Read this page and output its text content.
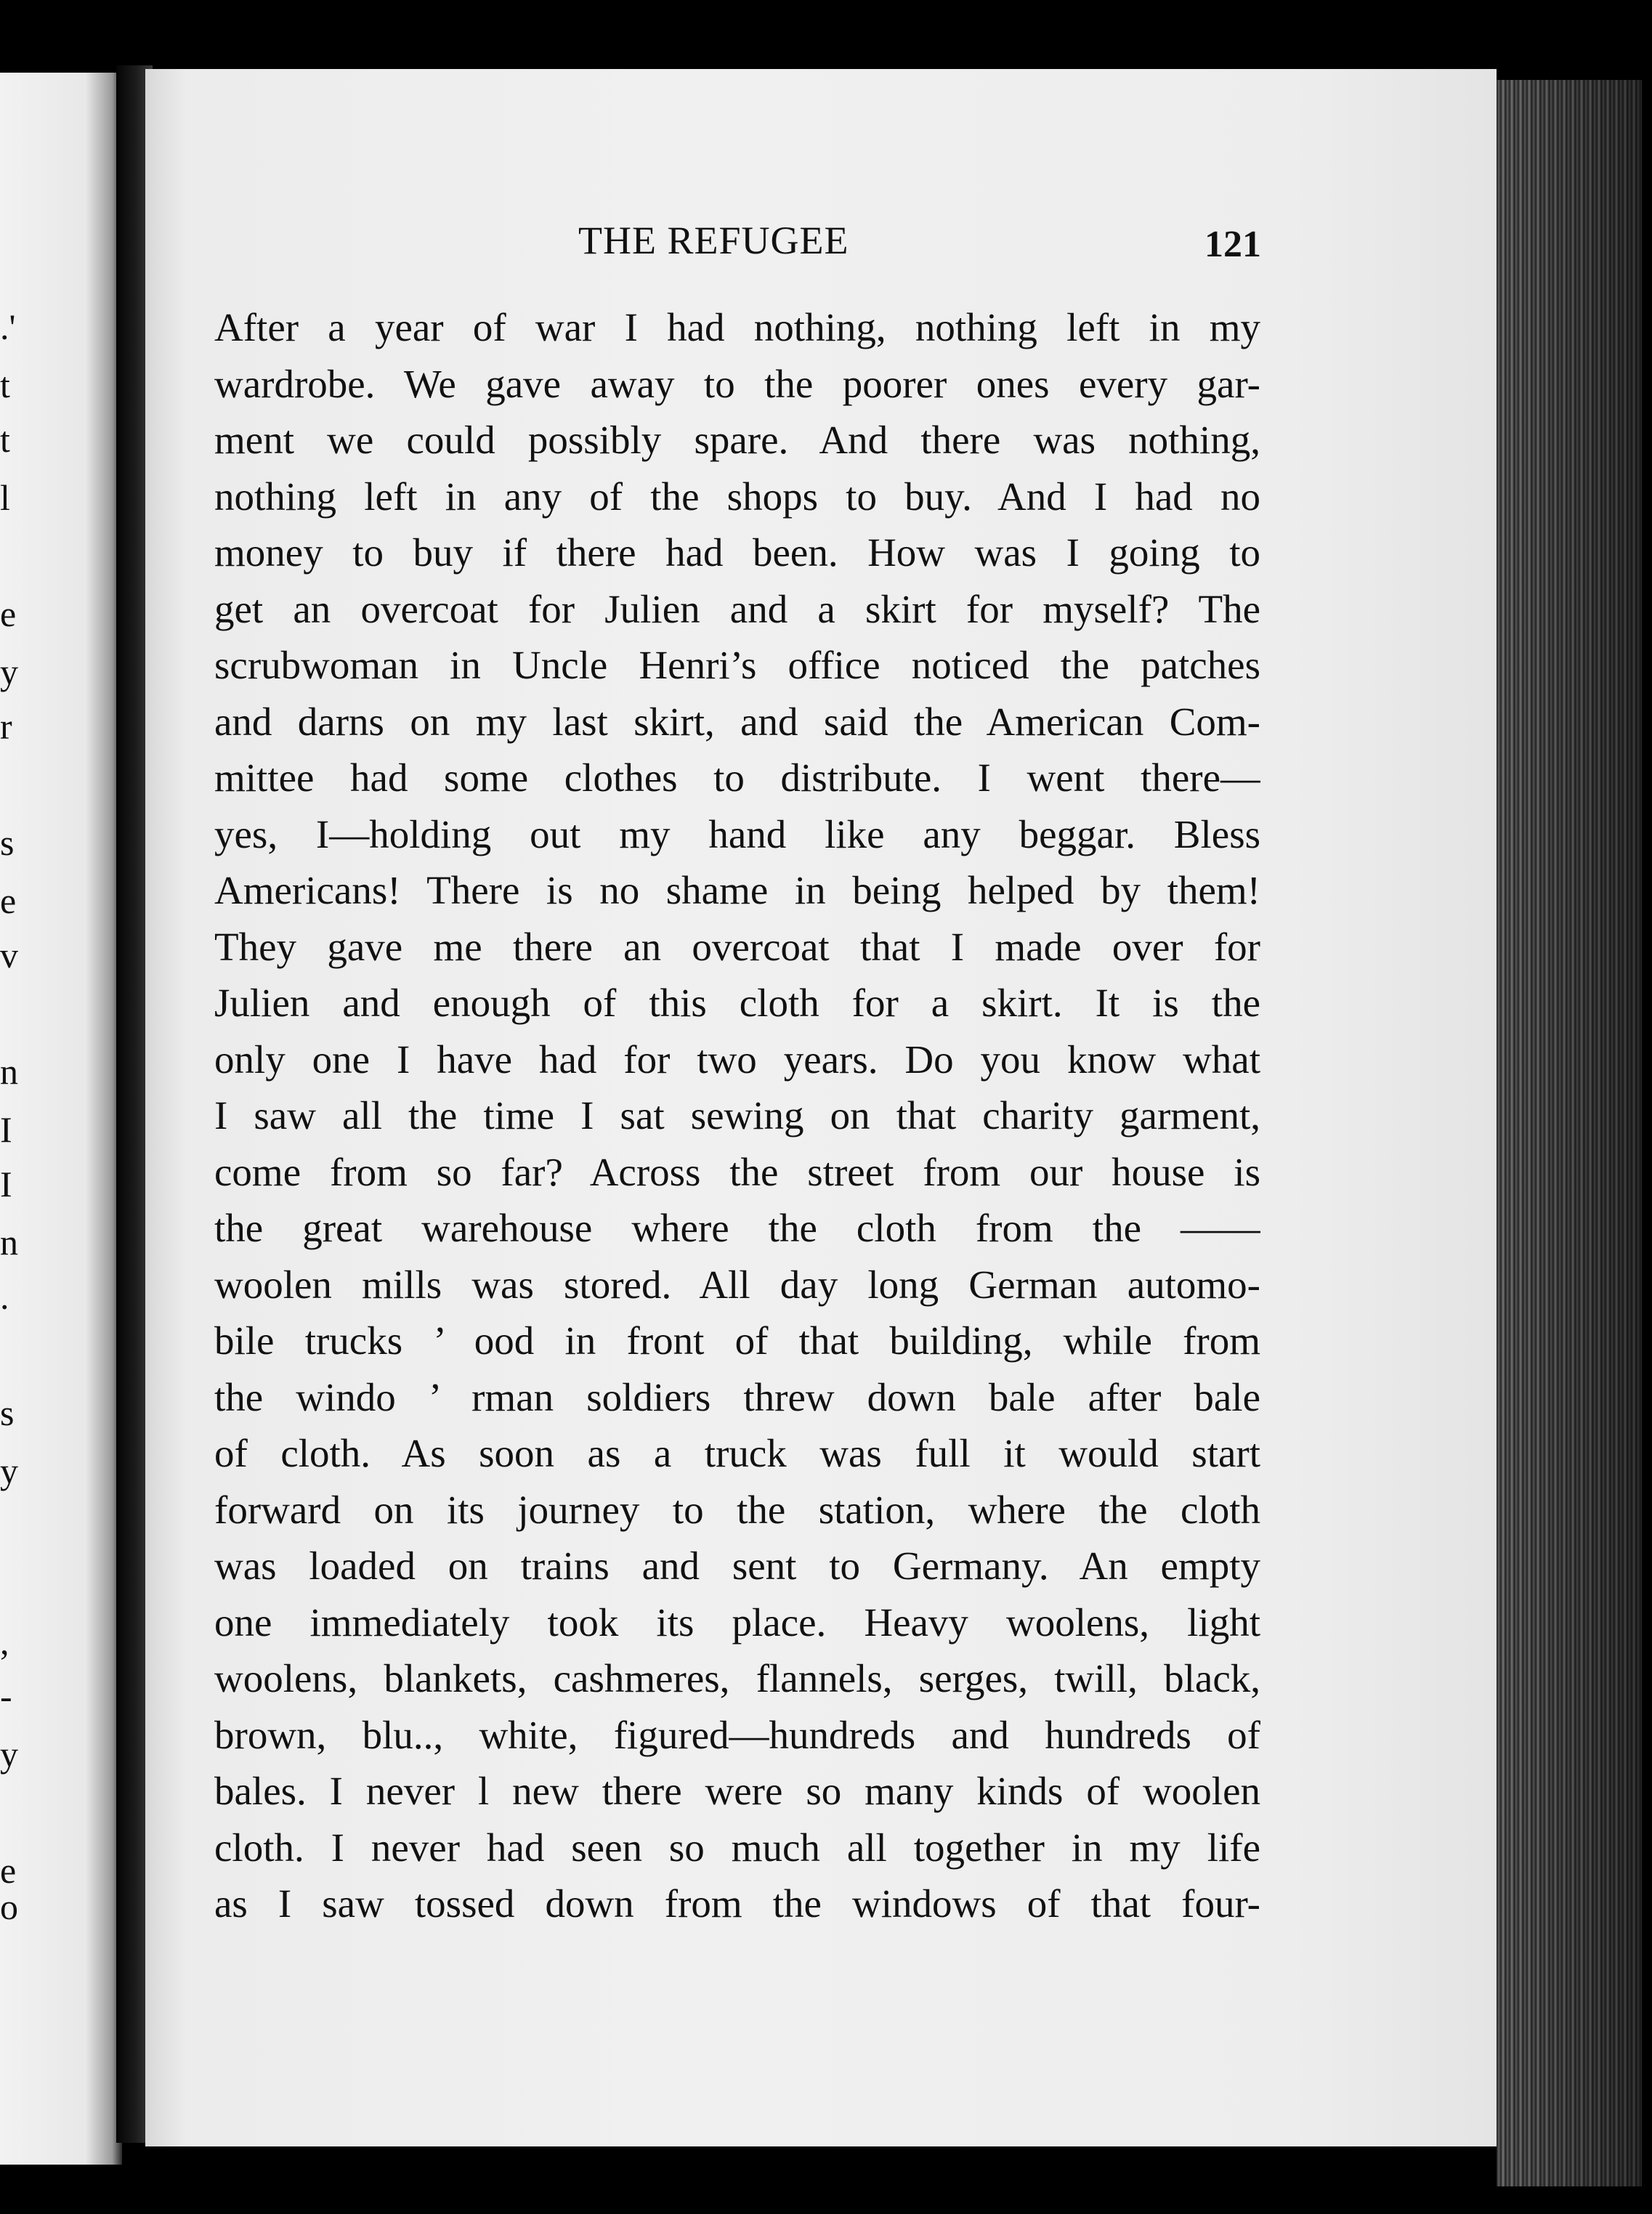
.'
t
t
l
e
y
r
s
e
v
n
I
I
n
.
s
y
,
-
y
e
o
THE REFUGEE	121
After a year of war I had nothing, nothing left in my
wardrobe. We gave away to the poorer ones every gar-
ment we could possibly spare. And there was nothing,
nothing left in any of the shops to buy. And I had no
money to buy if there had been. How was I going to
get an overcoat for Julien and a skirt for myself? The
scrubwoman in Uncle Henri’s office noticed the patches
and darns on my last skirt, and said the American Com-
mittee had some clothes to distribute. I went there—
yes, I—holding out my hand like any beggar. Bless
Americans! There is no shame in being helped by them!
They gave me there an overcoat that I made over for
Julien and enough of this cloth for a skirt. It is the
only one I have had for two years. Do you know what
I saw all the time I sat sewing on that charity garment,
come from so far? Across the street from our house is
the great warehouse where the cloth from the ——
woolen mills was stored. All day long German automo-
bile trucks ’ ood in front of that building, while from
the windo ’ rman soldiers threw down bale after bale
of cloth. As soon as a truck was full it would start
forward on its journey to the station, where the cloth
was loaded on trains and sent to Germany. An empty
one immediately took its place. Heavy woolens, light
woolens, blankets, cashmeres, flannels, serges, twill, black,
brown, blu.., white, figured—hundreds and hundreds of
bales. I never l new there were so many kinds of woolen
cloth. I never had seen so much all together in my life
as I saw tossed down from the windows of that four-
